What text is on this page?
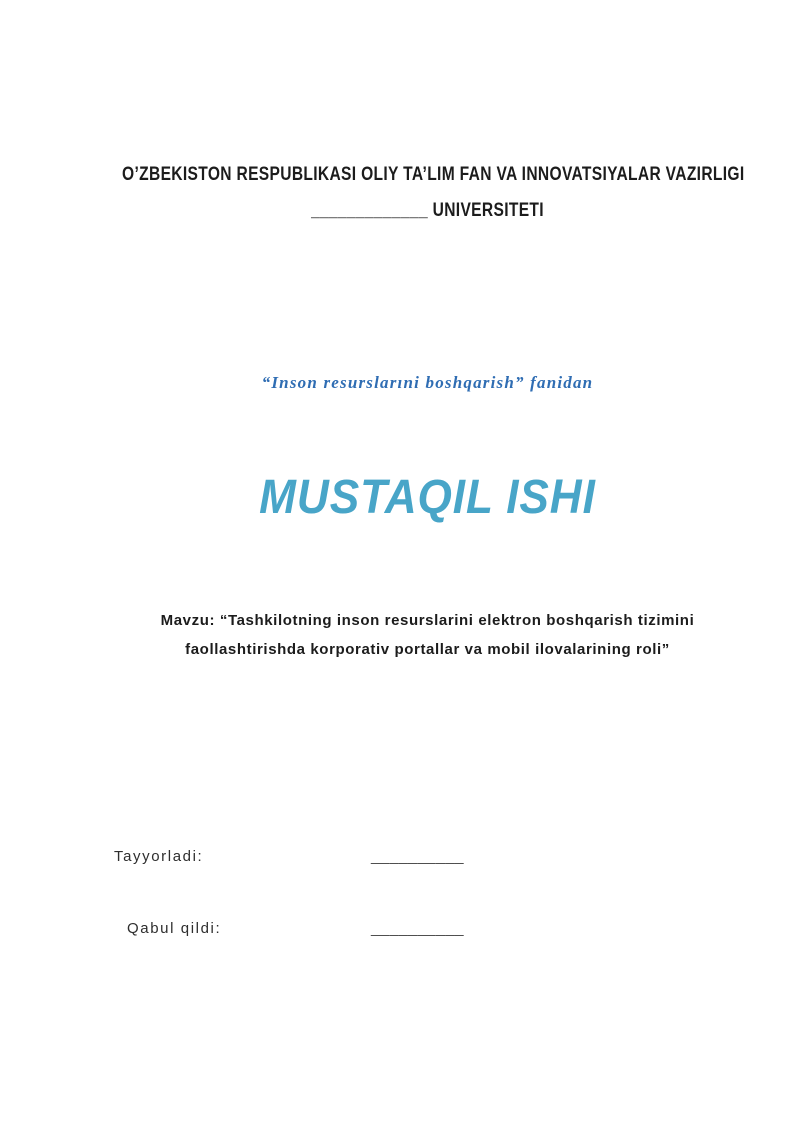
O’ZBEKISTON RESPUBLIKASI OLIY TA’LIM FAN VA INNOVATSIYALAR VAZIRLIGI
_____________ UNIVERSITETI
“Inson resurslarıni boshqarish” fanidan
MUSTAQIL ISHI
Mavzu: “Tashkilotning inson resurslarini elektron boshqarish tizimini
faollashtirishda korporativ portallar va mobil ilovalarining roli”
Tayyorladi:	__________
Qabul qildi:	__________
